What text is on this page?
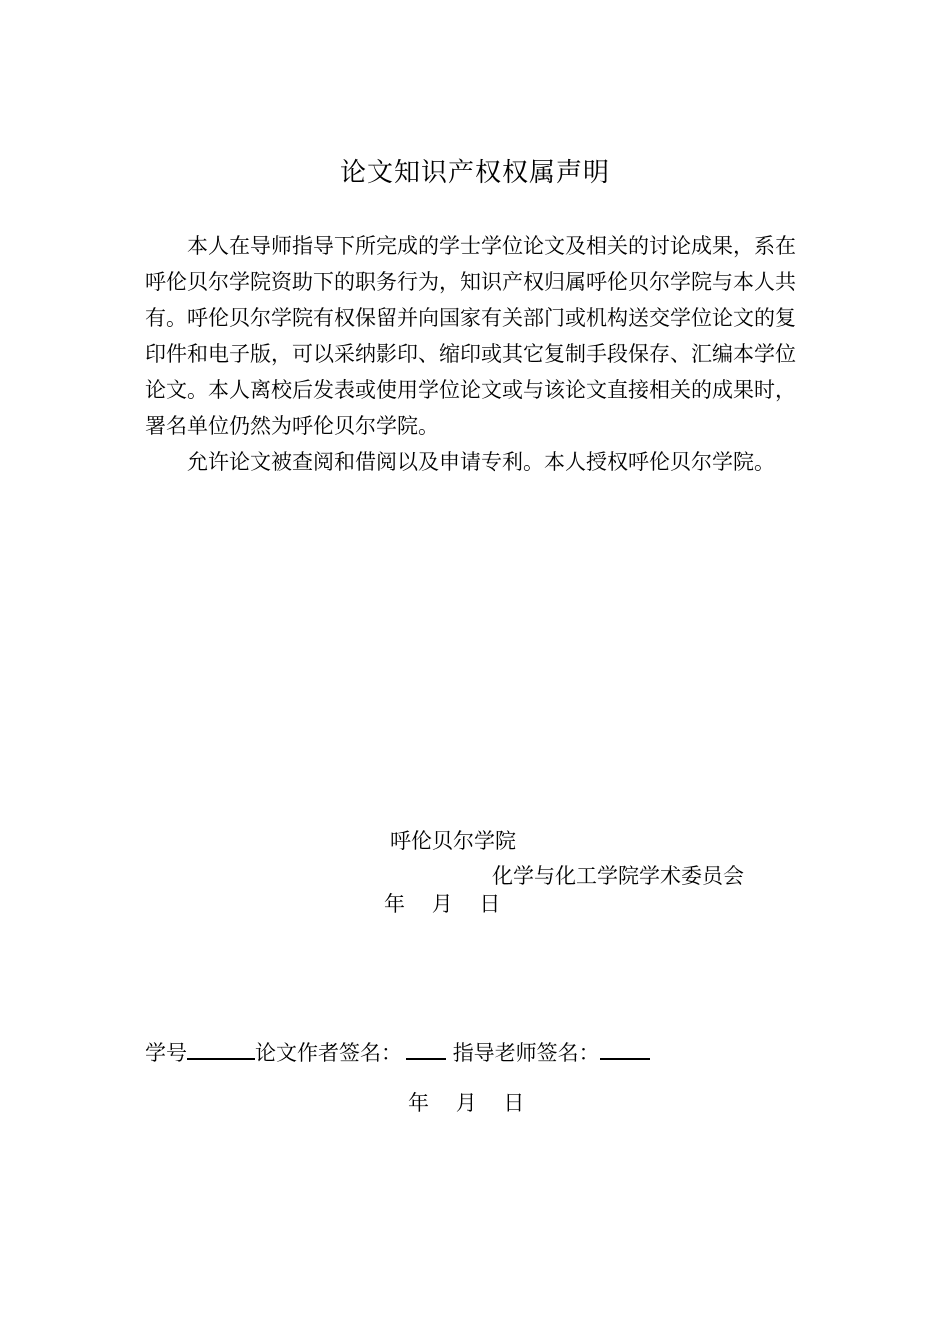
论文知识产权权属声明

本人在导师指导下所完成的学士学位论文及相关的讨论成果，系在呼伦贝尔学院资助下的职务行为，知识产权归属呼伦贝尔学院与本人共有。呼伦贝尔学院有权保留并向国家有关部门或机构送交学位论文的复印件和电子版，可以采纳影印、缩印或其它复制手段保存、汇编本学位论文。本人离校后发表或使用学位论文或与该论文直接相关的成果时，署名单位仍然为呼伦贝尔学院。

允许论文被查阅和借阅以及申请专利。本人授权呼伦贝尔学院。

呼伦贝尔学院
化学与化工学院学术委员会
年    月    日
学号	论文作者签名： 指导老师签名：
年    月    日
